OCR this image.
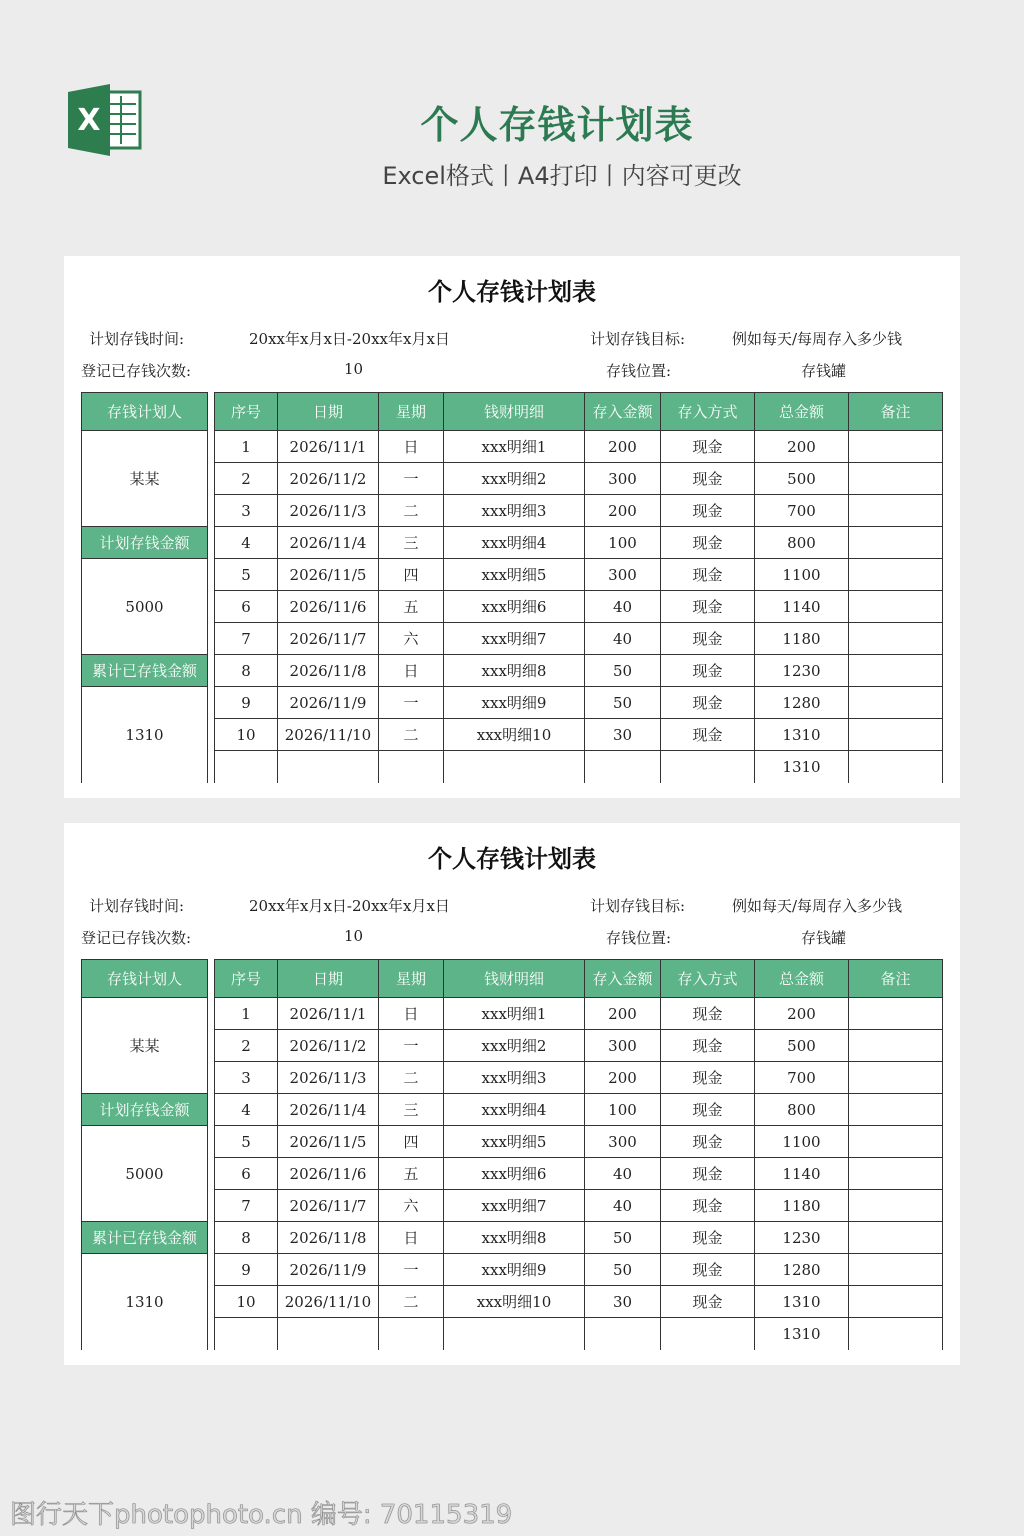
X	个人存钱计划表
Excel格式丨A4打印丨内容可更改
个人存钱计划表
计划存钱时间:	20xx年x月x日-20xx年x月x日	计划存钱目标:	例如每天/每周存入多少钱
登记已存钱次数:	10	存钱位置:	存钱罐
存钱计划人		序号	日期	星期	钱财明细	存入金额	存入方式	总金额	备注
某某		1	2026/11/1	日	xxx明细1	200	现金	200	
		2	2026/11/2	一	xxx明细2	300	现金	500	
		3	2026/11/3	二	xxx明细3	200	现金	700	
计划存钱金额		4	2026/11/4	三	xxx明细4	100	现金	800	
5000		5	2026/11/5	四	xxx明细5	300	现金	1100	
		6	2026/11/6	五	xxx明细6	40	现金	1140	
		7	2026/11/7	六	xxx明细7	40	现金	1180	
累计已存钱金额		8	2026/11/8	日	xxx明细8	50	现金	1230	
1310		9	2026/11/9	一	xxx明细9	50	现金	1280	
		10	2026/11/10	二	xxx明细10	30	现金	1310	
								1310	
个人存钱计划表
计划存钱时间:	20xx年x月x日-20xx年x月x日	计划存钱目标:	例如每天/每周存入多少钱
登记已存钱次数:	10	存钱位置:	存钱罐
存钱计划人		序号	日期	星期	钱财明细	存入金额	存入方式	总金额	备注
某某		1	2026/11/1	日	xxx明细1	200	现金	200	
		2	2026/11/2	一	xxx明细2	300	现金	500	
		3	2026/11/3	二	xxx明细3	200	现金	700	
计划存钱金额		4	2026/11/4	三	xxx明细4	100	现金	800	
5000		5	2026/11/5	四	xxx明细5	300	现金	1100	
		6	2026/11/6	五	xxx明细6	40	现金	1140	
		7	2026/11/7	六	xxx明细7	40	现金	1180	
累计已存钱金额		8	2026/11/8	日	xxx明细8	50	现金	1230	
1310		9	2026/11/9	一	xxx明细9	50	现金	1280	
		10	2026/11/10	二	xxx明细10	30	现金	1310	
								1310	
图行天下photophoto.cn 编号: 70115319
